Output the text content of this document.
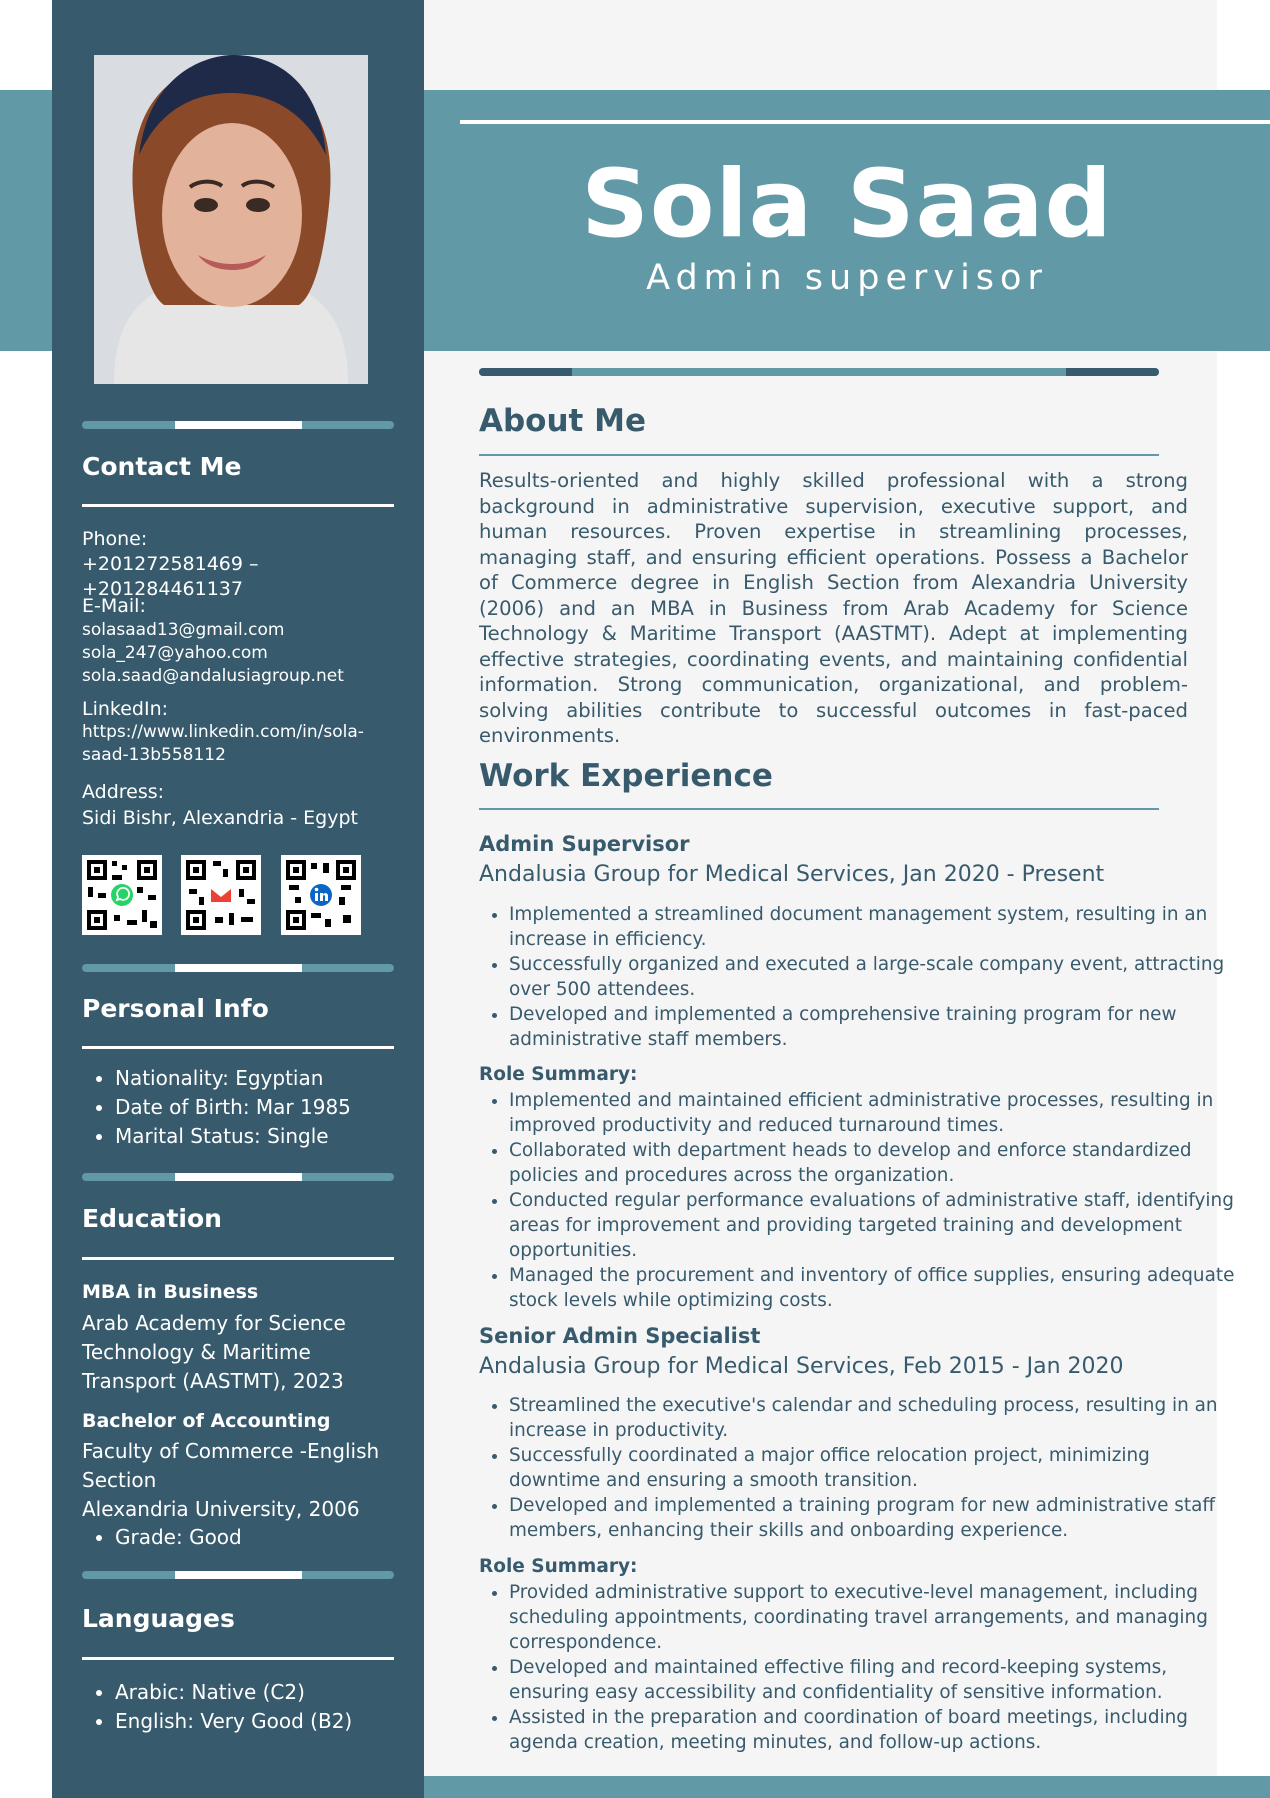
Contact Me
Phone:
+201272581469 – +201284461137
E-Mail:
solasaad13@gmail.com
sola_247@yahoo.com
sola.saad@andalusiagroup.net
LinkedIn:
https://www.linkedin.com/in/sola-
saad-13b558112
Address:
Sidi Bishr, Alexandria - Egypt
Personal Info
• Nationality: Egyptian
• Date of Birth: Mar 1985
• Marital Status: Single
Education
MBA in Business
Arab Academy for Science
Technology & Maritime
Transport (AASTMT), 2023
Bachelor of Accounting
Faculty of Commerce -English
Section
Alexandria University, 2006
• Grade: Good
Languages
• Arabic: Native (C2)
• English: Very Good (B2)
Sola Saad
Admin supervisor
About Me

Results-oriented and highly skilled professional with a strong background in administrative supervision, executive support, and human resources. Proven expertise in streamlining processes, managing staff, and ensuring efficient operations. Possess a Bachelor of Commerce degree in English Section from Alexandria University (2006) and an MBA in Business from Arab Academy for Science Technology & Maritime Transport (AASTMT). Adept at implementing effective strategies, coordinating events, and maintaining confidential information. Strong communication, organizational, and problem-solving abilities contribute to successful outcomes in fast-paced environments.

Work Experience
Admin Supervisor
Andalusia Group for Medical Services, Jan 2020 - Present
• Implemented a streamlined document management system, resulting in an increase in efficiency.
• Successfully organized and executed a large-scale company event, attracting over 500 attendees.
• Developed and implemented a comprehensive training program for new administrative staff members.
Role Summary:
• Implemented and maintained efficient administrative processes, resulting in improved productivity and reduced turnaround times.
• Collaborated with department heads to develop and enforce standardized policies and procedures across the organization.
• Conducted regular performance evaluations of administrative staff, identifying areas for improvement and providing targeted training and development opportunities.
• Managed the procurement and inventory of office supplies, ensuring adequate stock levels while optimizing costs.
Senior Admin Specialist
Andalusia Group for Medical Services, Feb 2015 - Jan 2020
• Streamlined the executive's calendar and scheduling process, resulting in an increase in productivity.
• Successfully coordinated a major office relocation project, minimizing downtime and ensuring a smooth transition.
• Developed and implemented a training program for new administrative staff members, enhancing their skills and onboarding experience.
Role Summary:
• Provided administrative support to executive-level management, including scheduling appointments, coordinating travel arrangements, and managing correspondence.
• Developed and maintained effective filing and record-keeping systems, ensuring easy accessibility and confidentiality of sensitive information.
• Assisted in the preparation and coordination of board meetings, including agenda creation, meeting minutes, and follow-up actions.
